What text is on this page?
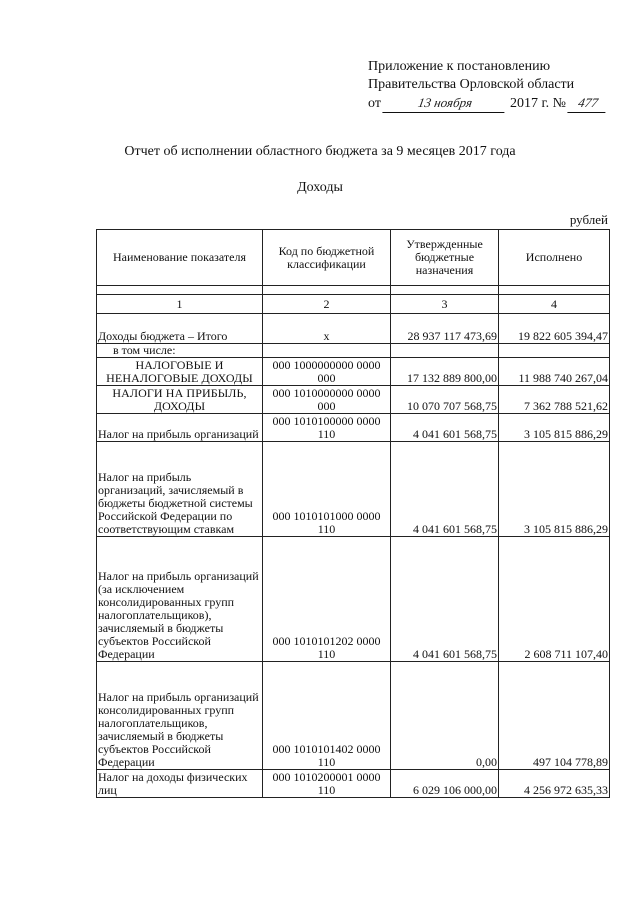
Приложение к постановлению
Правительства Орловской области
от	13 ноября	2017 г. № 477
Отчет об исполнении областного бюджета за 9 месяцев 2017 года
Доходы
рублей
Наименование показателя	Код по бюджетной классификации	Утвержденные бюджетные назначения	Исполнено

1	2	3	4
Доходы бюджета – Итого	х	28 937 117 473,69	19 822 605 394,47
в том числе:			
НАЛОГОВЫЕ И НЕНАЛОГОВЫЕ ДОХОДЫ	000 1000000000 0000 000	17 132 889 800,00	11 988 740 267,04
НАЛОГИ НА ПРИБЫЛЬ, ДОХОДЫ	000 1010000000 0000 000	10 070 707 568,75	7 362 788 521,62
Налог на прибыль организаций	000 1010100000 0000 110	4 041 601 568,75	3 105 815 886,29
Налог на прибыль организаций, зачисляемый в бюджеты бюджетной системы Российской Федерации по соответствующим ставкам	000 1010101000 0000 110	4 041 601 568,75	3 105 815 886,29
Налог на прибыль организаций (за исключением консолидированных групп налогоплательщиков), зачисляемый в бюджеты субъектов Российской Федерации	000 1010101202 0000 110	4 041 601 568,75	2 608 711 107,40
Налог на прибыль организаций консолидированных групп налогоплательщиков, зачисляемый в бюджеты субъектов Российской Федерации	000 1010101402 0000 110	0,00	497 104 778,89
Налог на доходы физических лиц	000 1010200001 0000 110	6 029 106 000,00	4 256 972 635,33
